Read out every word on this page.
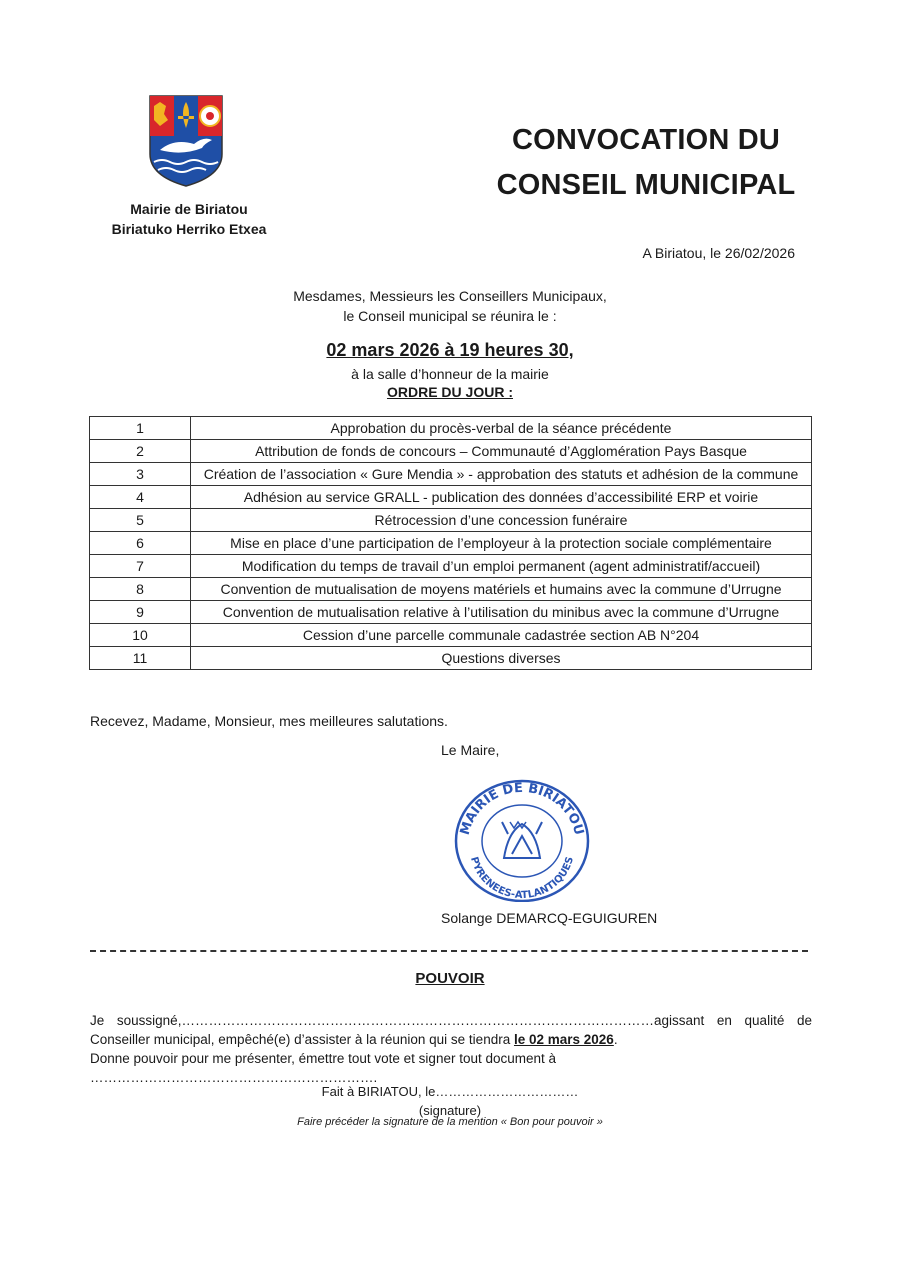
Mairie de Biriatou
Biriatuko Herriko Etxea
CONVOCATION DU
CONSEIL MUNICIPAL
A Biriatou, le 26/02/2026
Mesdames, Messieurs les Conseillers Municipaux,
le Conseil municipal se réunira le :
02 mars 2026 à 19 heures 30,
à la salle d’honneur de la mairie
ORDRE DU JOUR :
1	Approbation du procès-verbal de la séance précédente
2	Attribution de fonds de concours – Communauté d’Agglomération Pays Basque
3	Création de l’association « Gure Mendia » - approbation des statuts et adhésion de la commune
4	Adhésion au service GRALL - publication des données d’accessibilité ERP et voirie
5	Rétrocession d’une concession funéraire
6	Mise en place d’une participation de l’employeur à la protection sociale complémentaire
7	Modification du temps de travail d’un emploi permanent (agent administratif/accueil)
8	Convention de mutualisation de moyens matériels et humains avec la commune d’Urrugne
9	Convention de mutualisation relative à l’utilisation du minibus avec la commune d’Urrugne
10	Cession d’une parcelle communale cadastrée section AB N°204
11	Questions diverses
Recevez, Madame, Monsieur, mes meilleures salutations.
Le Maire,
MAIRIE DE BIRIATOU
PYRENEES-ATLANTIQUES
Solange DEMARCQ-EGUIGUREN
POUVOIR
Je soussigné,……………………………………………………………………………………………agissant en qualité de Conseiller municipal, empêché(e) d’assister à la réunion qui se tiendra le 02 mars 2026.
Donne pouvoir pour me présenter, émettre tout vote et signer tout document à ……………………………………………………….
Fait à BIRIATOU, le……………………………
(signature)
Faire précéder la signature de la mention « Bon pour pouvoir »
